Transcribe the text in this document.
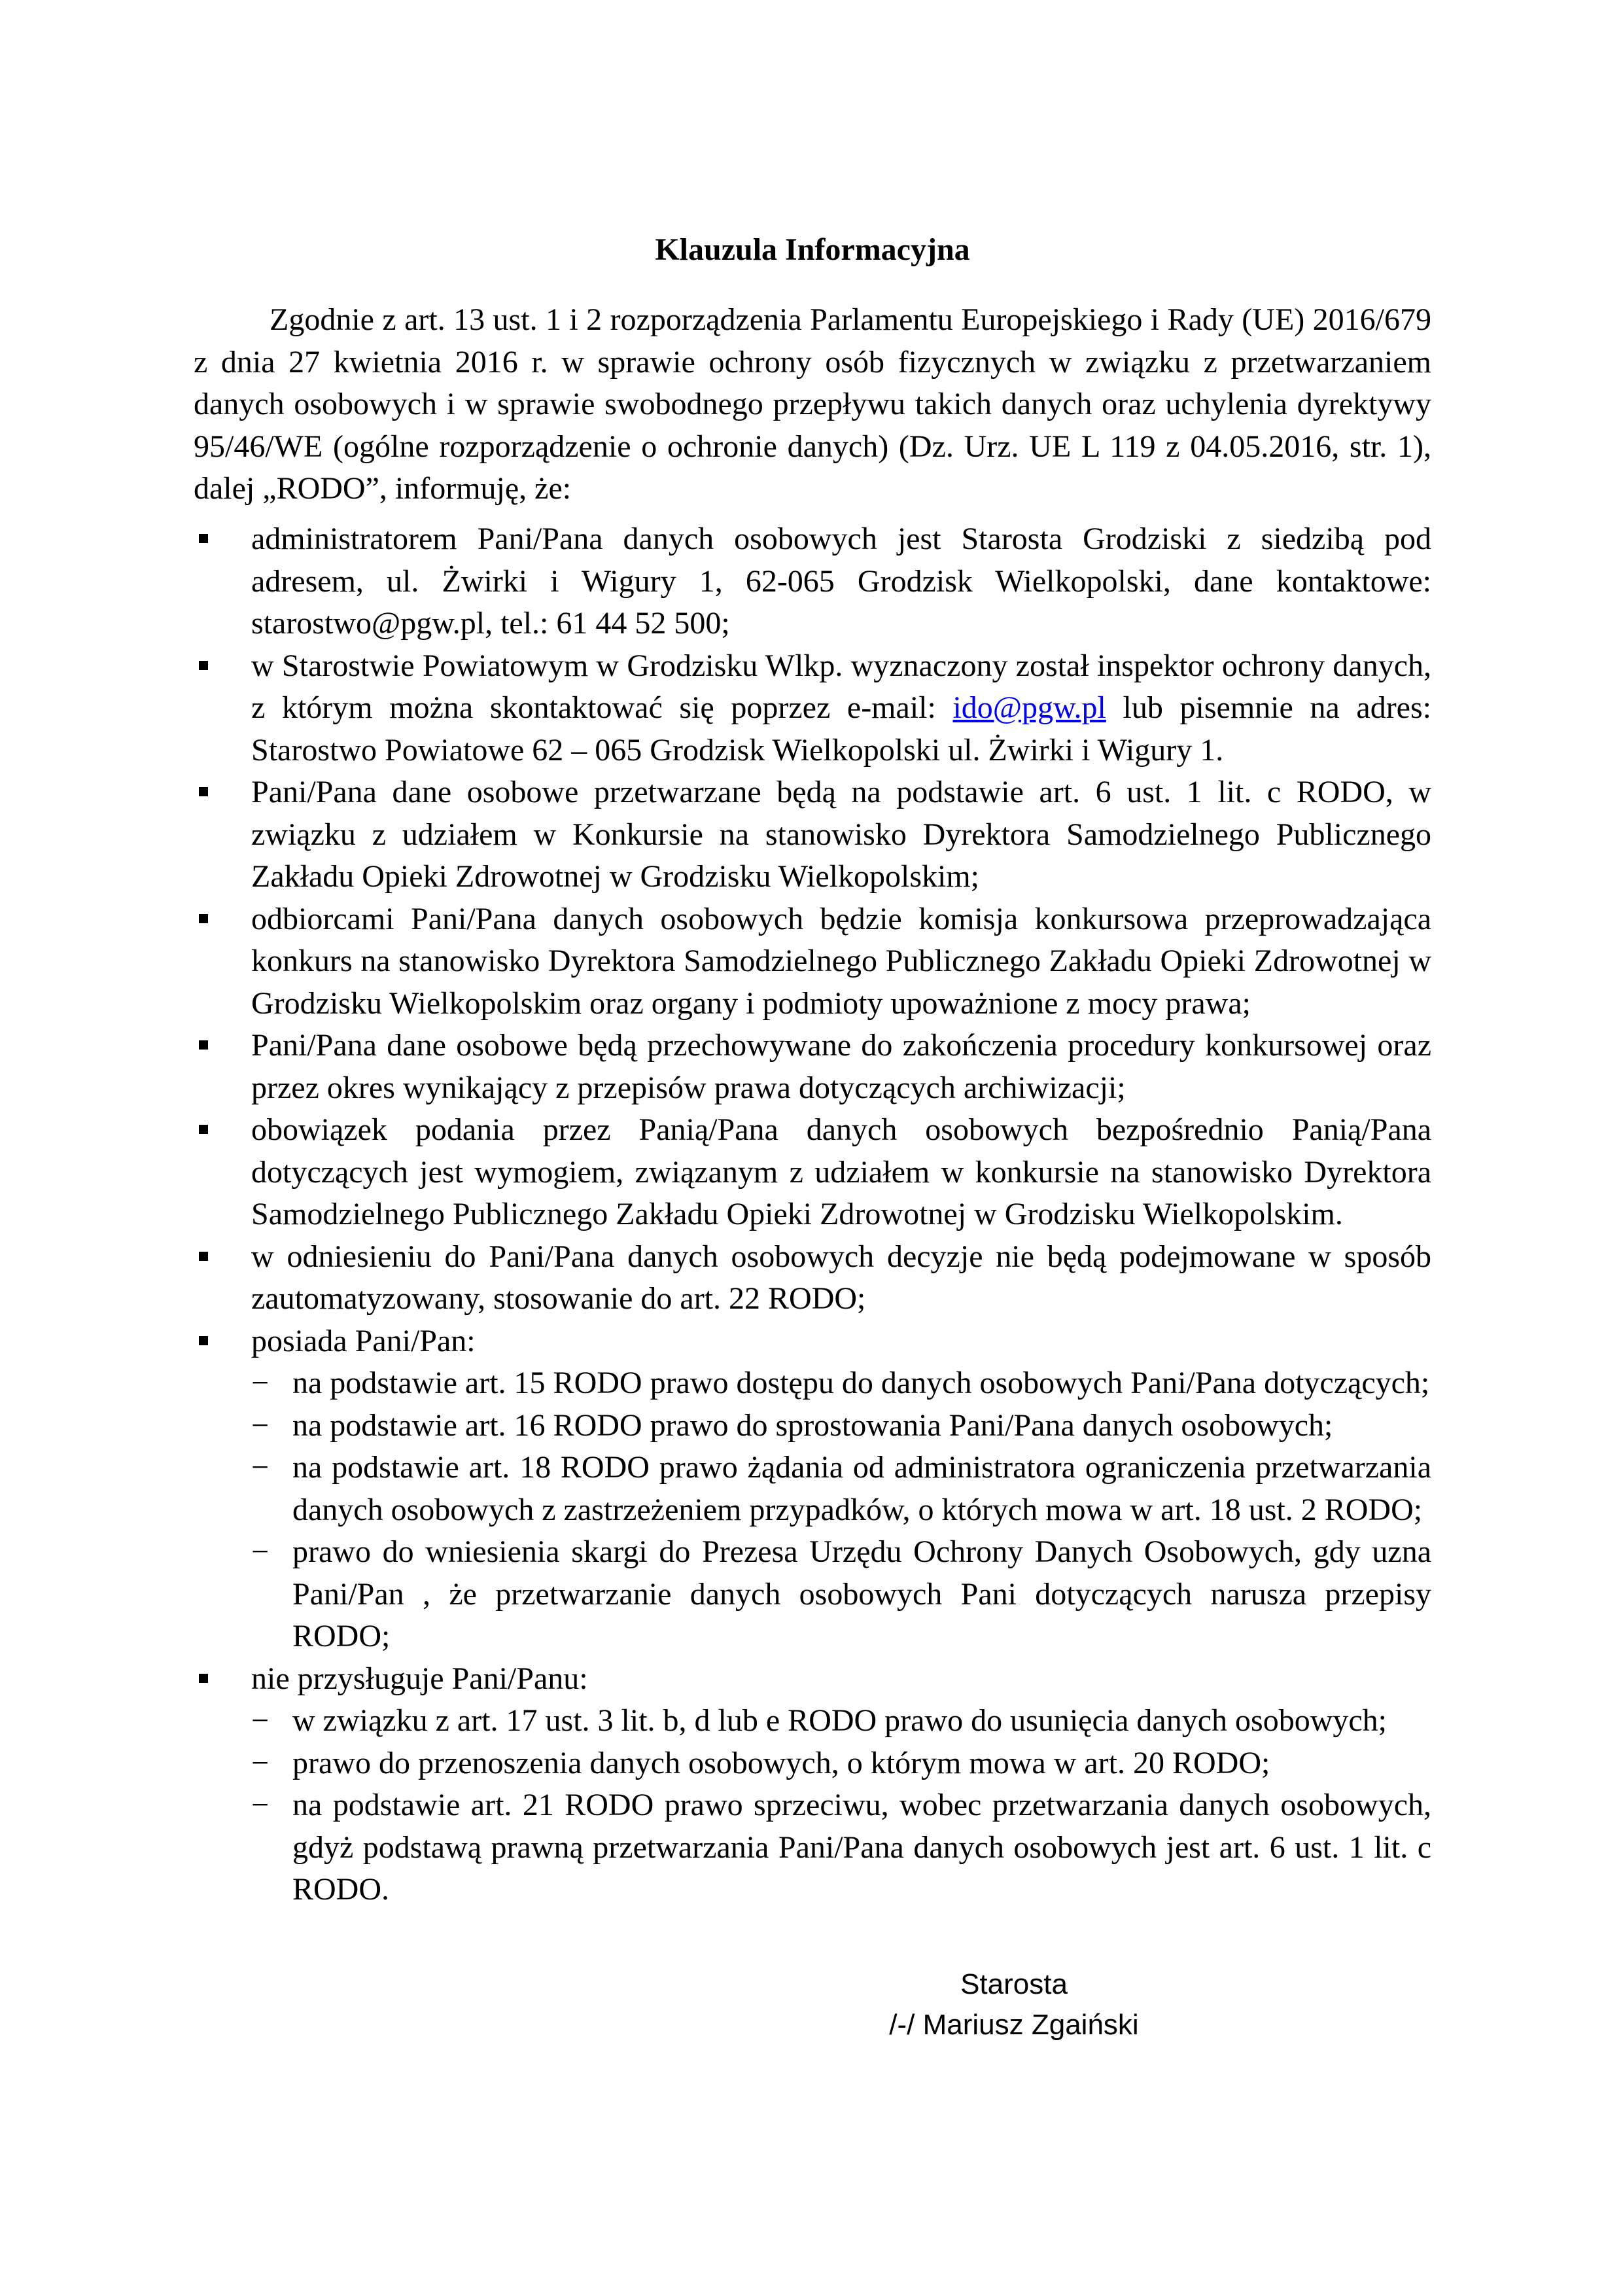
Klauzula Informacyjna

Zgodnie z art. 13 ust. 1 i 2 rozporządzenia Parlamentu Europejskiego i Rady (UE) 2016/679 z dnia 27 kwietnia 2016 r. w sprawie ochrony osób fizycznych w związku z przetwarzaniem danych osobowych i w sprawie swobodnego przepływu takich danych oraz uchylenia dyrektywy 95/46/WE (ogólne rozporządzenie o ochronie danych) (Dz. Urz. UE L 119 z 04.05.2016, str. 1), dalej „RODO”, informuję, że:

administratorem Pani/Pana danych osobowych jest Starosta Grodziski z siedzibą pod adresem, ul. Żwirki i Wigury 1, 62-065 Grodzisk Wielkopolski, dane kontaktowe: starostwo@pgw.pl, tel.: 61 44 52 500;
w Starostwie Powiatowym w Grodzisku Wlkp. wyznaczony został inspektor ochrony danych, z którym można skontaktować się poprzez e-mail: ido@pgw.pl lub pisemnie na adres: Starostwo Powiatowe 62 – 065 Grodzisk Wielkopolski ul. Żwirki i Wigury 1.
Pani/Pana dane osobowe przetwarzane będą na podstawie art. 6 ust. 1 lit. c RODO, w związku z udziałem w Konkursie na stanowisko Dyrektora Samodzielnego Publicznego Zakładu Opieki Zdrowotnej w Grodzisku Wielkopolskim;
odbiorcami Pani/Pana danych osobowych będzie komisja konkursowa przeprowadzająca konkurs na stanowisko Dyrektora Samodzielnego Publicznego Zakładu Opieki Zdrowotnej w Grodzisku Wielkopolskim oraz organy i podmioty upoważnione z mocy prawa;
Pani/Pana dane osobowe będą przechowywane do zakończenia procedury konkursowej oraz przez okres wynikający z przepisów prawa dotyczących archiwizacji;
obowiązek podania przez Panią/Pana danych osobowych bezpośrednio Panią/Pana dotyczących jest wymogiem, związanym z udziałem w konkursie na stanowisko Dyrektora Samodzielnego Publicznego Zakładu Opieki Zdrowotnej w Grodzisku Wielkopolskim.
w odniesieniu do Pani/Pana danych osobowych decyzje nie będą podejmowane w sposób zautomatyzowany, stosowanie do art. 22 RODO;
posiada Pani/Pan:
− na podstawie art. 15 RODO prawo dostępu do danych osobowych Pani/Pana dotyczących;
− na podstawie art. 16 RODO prawo do sprostowania Pani/Pana danych osobowych;
− na podstawie art. 18 RODO prawo żądania od administratora ograniczenia przetwarzania danych osobowych z zastrzeżeniem przypadków, o których mowa w art. 18 ust. 2 RODO;
− prawo do wniesienia skargi do Prezesa Urzędu Ochrony Danych Osobowych, gdy uzna Pani/Pan , że przetwarzanie danych osobowych Pani dotyczących narusza przepisy RODO;
nie przysługuje Pani/Panu:
− w związku z art. 17 ust. 3 lit. b, d lub e RODO prawo do usunięcia danych osobowych;
− prawo do przenoszenia danych osobowych, o którym mowa w art. 20 RODO;
− na podstawie art. 21 RODO prawo sprzeciwu, wobec przetwarzania danych osobowych, gdyż podstawą prawną przetwarzania Pani/Pana danych osobowych jest art. 6 ust. 1 lit. c RODO.
Starosta
/-/ Mariusz Zgaiński
